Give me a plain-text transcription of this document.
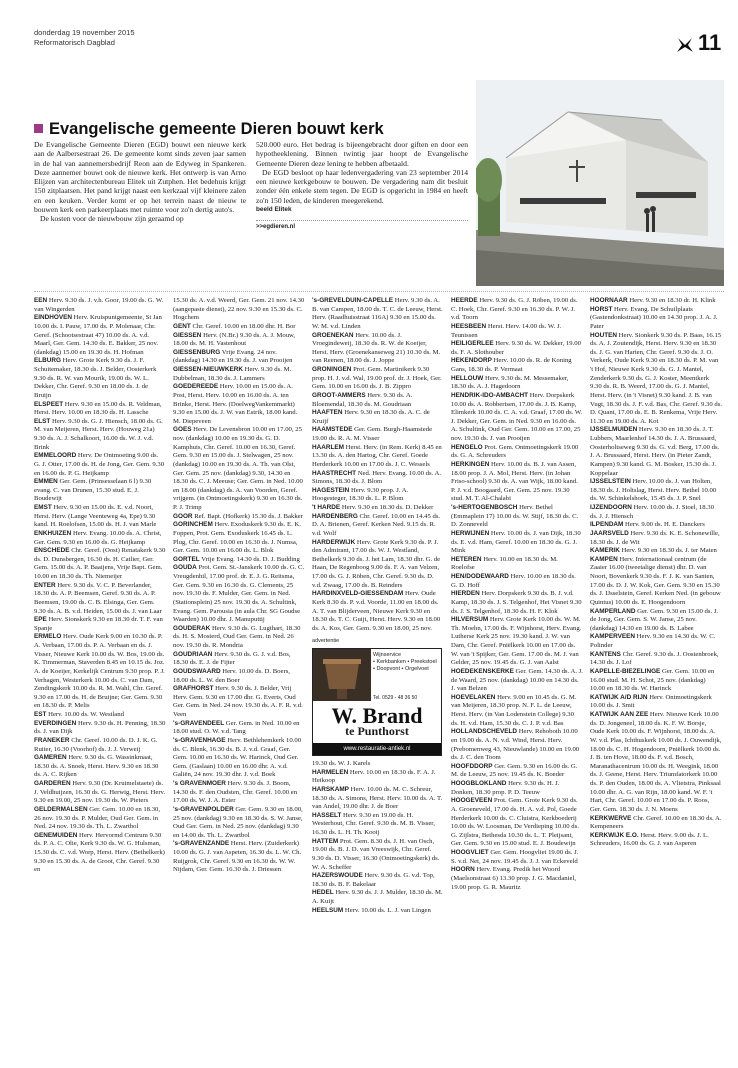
donderdag 19 november 2015
Reformatorisch Dagblad	11
Evangelische gemeente Dieren bouwt kerk

De Evangelische Gemeente Dieren (EGD) bouwt een nieuwe kerk aan de Aalbersestraat 26. De gemeente komt sinds zeven jaar samen in de hal van aannemersbedrijf Reon aan de Edyweg in Spankeren. Deze aannemer bouwt ook de nieuwe kerk. Het ontwerp is van Arno Elijzen van architectenbureau Elitek uit Zutphen. Het bedehuis krijgt 150 zitplaatsen. Het pand krijgt naast een kerkzaal vijf kleinere zalen en een keuken. Verder komt er op het terrein naast de nieuw te bouwen kerk een parkeerplaats met ruimte voor zo'n dertig auto's.

De kosten voor de nieuwbouw zijn geraamd op

520.000 euro. Het bedrag is bijeengebracht door giften en door een hypotheeklening. Binnen twintig jaar hoopt de Evangelische Gemeente Dieren deze lening te hebben afbetaald.

De EGD besloot op haar ledenvergadering van 23 september 2014 een nieuwe kerkgebouw te bouwen. De vergadering nam dit besluit zonder één enkele stem tegen. De EGD is opgericht in 1984 en heeft zo'n 150 leden, de kinderen meegerekend.

beeld Elitek

>>egdieren.nl

EEN Herv. 9.30 ds. J. v.h. Goor, 19.00 ds. G. W. van Wingerden

EINDHOVEN Herv. Kruispuntgemeente, St Jan 10.00 ds. I. Pauw, 17.00 ds. P. Molenaar, Chr. Geref. (Schootsestraat 47) 10.00 ds. A. v.d. Maarl, Ger. Gem. 14.30 ds. E. Bakker, 25 nov. (dankdag) 15.00 en 19.30 ds. H. Hofman

ELBURG Herv. Grote Kerk 9.30 ds. J. F. Schuitemaker, 18.30 ds. J. Belder, Oosterkerk 9.30 ds. R. W. van Mourik, 19.00 ds. W. L. Dekker, Chr. Geref. 9.30 en 18.00 ds. J. de Bruijn

ELSPEET Herv. 9.30 en 15.00 ds. R. Veldman, Herst. Herv. 10.00 en 18.30 ds. H. Lassche

ELST Herv. 9.30 ds. G. J. Hiensch, 18.00 ds. G. M. van Meijeren, Herst. Herv. (Houweg 21a) 9.30 ds. A. J. Schalkoort, 16.00 ds. W. J. v.d. Brink

EMMELOORD Herv. De Ontmoeting 9.00 ds. G. J. Otter, 17.00 ds. H. de Jong, Ger. Gem. 9.30 en 16.00 ds. P. G. Heijkamp

EMMEN Ger. Gem. (Prinsesselaan 6 l) 9.30 evang. C. van Drunen, 15.30 stud. E. J. Boudewijt

EMST Herv. 9.30 en 15.00 ds. E. v.d. Noort, Herst. Herv. (Lange Veenteweg 4a, Epe) 9.30 kand. H. Roelofsen, 15.00 ds. H. J. van Marle

ENKHUIZEN Herv. Evang. 10.00 ds. A. Christ, Ger. Gem. 9.30 en 16.00 ds. G. Heijkamp

ENSCHEDE Chr. Geref. (Oost) Renatakerk 9.30 ds. D. Dunsbergen, 16.30 ds. H. Catlier, Ger. Gem. 15.00 ds. A. P. Baaijens, Vrije Bapt. Gem. 10.00 en 18.30 ds. Th. Niemeijer

ENTER Herv. 9.30 ds. V. C. P. Beverlander, 18.30 ds. A. P. Beemsen, Geref. 9.30 ds. A. P. Beemsen, 19.00 ds. C. B. Elsinga, Ger. Gem. 9.30 ds. A. B. v.d. Heiden, 15.00 ds. J. van Laar

EPE Herv. Sionskerk 9.30 en 18.30 dr. T. F. van Spanje

ERMELO Herv. Oude Kerk 9.00 en 10.30 ds. P. A. Verbaan, 17.00 ds. P. A. Verbaan en ds. J. Visser, Nieuwe Kerk 10.00 ds. W. Bos, 19.00 ds. K. Timmerman, Staverden 8.45 en 10.15 ds. Joz. A. de Koeijer, Kerkelijk Centrum 9.30 prop. P. J. Verhagen, Westerkerk 10.00 ds. C. van Dam, Zendingskerk 10.00 ds. R. M. Wahl, Chr. Geref. 9.30 en 17.00 ds. H. de Bruijne; Ger. Gem. 9.30 en 18.30 ds. P. Melis

EST Herv. 10.00 ds. W. Westland

EVERDINGEN Herv. 9.30 ds. H. Penning, 18.30 ds. J. van Dijk

FRANEKER Chr. Geref. 10.00 ds. D. J. K. G. Ruiter, 16.30 (Voorhof) ds. J. J. Verweij

GAMEREN Herv. 9.30 ds. G. Wassinkmaat, 18.30 ds. A. Snoek, Herst. Herv. 9.30 en 18.30 ds. A. C. Rijken

GARDEREN Herv. 9.30 (Dr. Kruimelstaete) ds. J. Veldhuijzen, 16.30 ds. G. Herwig, Herst. Herv. 9.30 en 19.00, 25 nov. 19.30 ds. W. Pieters

GELDERMALSEN Ger. Gem. 10.00 en 18.30, 26 nov. 19.30 ds. P. Mulder, Oud Ger. Gem. in Ned. 24 nov. 19.30 ds. Th. L. Zwartbol

GENEMUIDEN Herv. Hervormd Centrum 9.30 ds. P. A. C. Olie, Kerk 9.30 ds. W. G. Hulsman, 15.30 ds. C. v.d. Worp, Herst. Herv. (Bethelkerk) 9.30 en 15.30 ds. A. de Groot, Chr. Geref. 9.30 en

15.30 ds. A. v.d. Weerd, Ger. Gem. 21 nov. 14.30 (aangepaste dienst), 22 nov. 9.30 en 15.30 ds. C. Hogchem

GENT Chr. Geref. 10.00 en 18.00 dhr. H. Bor

GIESSEN Herv. (N.Br.) 9.30 ds. A. J. Mouw, 18.00 ds. M. H. Vastenhout

GIESSENBURG Vrije Evang. 24 nov. (dankdag) 14.30 en 19.30 ds. J. van Prooijen

GIESSEN-NIEUWKERK Herv. 9.30 ds. M. Dubbelman, 18.30 ds. J. Lammers

GOEDEREEDE Herv. 10.00 en 15.00 ds. A. Post, Herst. Herv. 10.00 en 16.00 ds. A. ten Brinke, Herst. Herv. (DoelwegVankemmarkt) 9.30 en 15.00 ds. J. W. van Estrik, 18.00 kand. M. Diepeveen

GOES Herv. De Levensbron 10.00 en 17.00, 25 nov. (dankdag) 10.00 en 19.30 ds. G. D. Kamphuis, Chr. Geref. 10.00 en 16.30, Geref. Gem. 9.30 en 15.00 ds. J. Stelwagen, 25 nov. (dankdag) 10.00 en 19.30 ds. A. Th. van Olst, Ger. Gem. 25 nov. (dankdag) 9.30, 14.30 en 18.30 ds. C. J. Meeuse; Ger. Gem. in Ned. 10.00 en 18.00 (dankdag) ds. A. van Voorden, Geref. vrijgem. (in Ontmoetingskerk) 9.30 en 16.30 ds. P. J. Trimp

GOOR Ref. Bapt. (Hofkerk) 15.30 ds. J. Bakker

GORINCHEM Herv. Exoduskerk 9.30 ds. E. K. Foppen, Prot. Gem. Exoduskerk 16.45 ds. L. Plug, Chr. Geref. 10.00 en 16.30 ds. J. Numsa, Ger. Gem. 10.00 en 16.00 ds. L. Blok

GORTEL Vrije Evang. 14.30 ds. D. J. Budding

GOUDA Prot. Gem. St.-Janskerk 10.00 ds. G. C. Vreugdenhil, 17.00 prof. dr. E. J. G. Reitsma, Ger. Gem. 9.30 en 16.30 ds. G. Clements, 25 nov. 19.30 ds. F. Mulder, Ger. Gem. in Ned. (Stationsplein) 25 nov. 19.30 ds. A. Schultink, Evang. Gem. Parousia (in aula Chr. SG Goudse Waarden) 10.00 dhr. J. Manuputtij

GOUDERAK Herv. 9.30 ds. G. Lugthart, 18.30 ds. H. S. Mosterd, Oud Ger. Gem. in Ned. 26 nov. 19.30 ds. R. Mondria

GOUDRIAAN Herv. 9.30 ds. G. J. v.d. Bos, 18.30 ds. E. J. de Fijter

GOUDSWAARD Herv. 10.00 ds. D. Boers, 18.00 ds. L. W. den Boer

GRAFHORST Herv. 9.30 ds. J. Belder, Vrij Herv. Gem. 9.30 en 17.00 dhr. G. Everts, Oud Ger. Gem. in Ned. 24 nov. 19.30 ds. A. F. R. v.d. Veen

's-GRAVENDEEL Ger. Gem. in Ned. 10.00 en 18.00 stud. O. W. v.d. Tang

's-GRAVENHAGE Herv. Bethlehemkerk 10.00 ds. C. Blenk, 16.30 ds. B. J. v.d. Graaf, Ger. Gem. 10.00 en 16.30 ds. W. Harinck, Oud Ger. Gem. (Gaslaan) 10.00 en 16.00 dhr. A. v.d. Galiën, 24 nov. 19.30 dhr. J. v.d. Boek

's GRAVENMOER Herv. 9.30 ds. J. Boom, 14.30 ds. F. den Oudsten, Chr. Geref. 10.00 en 17.00 ds. W. J. A. Ester

's-GRAVENPOLDER Ger. Gem. 9.30 en 18.00, 25 nov. (dankdag) 9.30 en 18.30 ds. S. W. Janse, Oud Ger. Gem. in Ned. 25 nov. (dankdag) 9.30 en 14.00 ds. Th. L. Zwartbol

's-GRAVENZANDE Herst. Herv. (Zuiderkerk) 10.00 ds. G. J. van Aspeten, 16.30 ds. L. W. Ch. Ruijgrok, Chr. Geref. 9.30 en 16.30 ds. W. W. Nijdam, Ger. Gem. 16.30 ds. J. Driessen

's-GREVELDUIN-CAPELLE Herv. 9.30 ds. A. B. van Campen, 18.00 ds. T. C. de Leeuw, Herst. Herv. (Raadhuisstraat 116A) 9.30 en 15.00 ds. W. M. v.d. Linden

GROENEKAN Herv. 10.00 ds. J. Vroegindeweij, 18.30 ds. R. W. de Koeijer, Herst. Herv. (Groenekanseweg 21) 10.30 ds. M. van Reenen, 18.00 ds. J. Joppe

GRONINGEN Prot. Gem. Martinikerk 9.30 prop. H. J. v.d. Wal, 19.00 prof. dr. J. Hoek, Ger. Gem. 10.00 en 16.00 ds. J. B. Zippro

GROOT-AMMERS Herv. 9.30 ds. A. Bloemendal, 18.30 ds. M. Goudriaan

HAAFTEN Herv. 9.30 en 18.30 ds. A. C. de Kruijf

HAAMSTEDE Ger. Gem. Burgh-Haamstede 19.00 ds. R. A. M. Visser

HAARLEM Herst. Herv. (in Rem. Kerk) 8.45 en 13.30 ds. A. den Hartog, Chr. Geref. Goede Herderkerk 10.00 en 17.00 ds. J. C. Wessels

HAASTRECHT Ned. Herv. Evang. 10.00 ds. A. Simons, 18.30 ds. J. Blom

HAGESTEIN Herv. 9.30 prop. J. A. Hoogesteger, 18.30 ds. L. P. Blom

't HARDE Herv. 9.30 en 18.30 ds. D. Dekker

HARDENBERG Chr. Geref. 10.00 en 14.45 ds. D. A. Brienen, Geref. Kerken Ned. 9.15 ds. R. v.d. Wolf

HARDERWIJK Herv. Grote Kerk 9.30 ds. P. J. den Admirant, 17.00 ds. W. J. Westland, Bethelkerk 9.30 ds. J. het Lam, 18.30 dhr. G. de Haan, De Regenboog 9.00 ds. F. A. van Velzen, 17.00 ds. G. J. Röben, Chr. Geref. 9.30 ds. D. v.d. Zwaag, 17.00 ds. B. Reinders

HARDINXVELD-GIESSENDAM Herv. Oude Kerk 8.30 ds. P. v.d. Voorde, 11.00 en 18.00 ds. A. T. van Blijderveen, Nieuwe Kerk 9.30 en 18.30 ds. T. C. Guijt, Herst. Herv. 9.30 en 18.00 ds. A. Kos, Ger. Gem. 9.30 en 18.00, 25 nov.

advertentie
Wijnservice
• Kerkbanken • Preekstoel
• Doopvont • Orgelvoet
Tel. 0529 - 48 36 50
W. Brand
te Punthorst
www.restauratie-antiek.nl

19.30 ds. W. J. Karels

HARMELEN Herv. 10.00 en 18.30 ds. F. A. J. Heikoop

HARSKAMP Herv. 10.00 ds. M. C. Schreur, 18.30 ds. A. Simons, Herst. Herv. 10.00 ds. A. T. van Andel, 19.00 dhr. J. de Boer

HASSELT Herv. 9.30 en 19.00 ds. H. Westerhout, Chr. Geref. 9.30 ds. M. B. Visser, 16.30 ds. L. H. Th. Kooij

HATTEM Prot. Gem. 8.30 ds. J. H. van Osch, 19.00 ds. B. J. D. van Vreeswijk, Chr. Geref. 9.30 ds. D. Visser, 16.30 (Ontmoetingskerk) ds. W. A. Scheffer

HAZERSWOUDE Herv. 9.30 ds. G. v.d. Top, 18.30 ds. B. F. Bakelaar

HEDEL Herv. 9.30 ds. J. J. Mulder, 18.30 ds. M. A. Kuijt

HEELSUM Herv. 10.00 ds. L. J. van Lingen

HEERDE Herv. 9.30 ds. G. J. Röben, 19.00 ds. C. Hoek, Chr. Geref. 9.30 en 16.30 ds. P. W. J. v.d. Toorn

HEESBEEN Herst. Herv. 14.00 ds. W. J. Teunissen

HEILIGERLEE Herv. 9.30 ds. W. Dekker, 19.00 ds. F. A. Slothouber

HEKENDORP Herv. 10.00 ds. R. de Koning Gans, 18.30 ds. P. Vermaat

HELLOUW Herv. 9.30 ds. M. Messemaker, 18.30 ds. A. J. Hagedoorn

HENDRIK-IDO-AMBACHT Herv. Dorpskerk 10.00 ds. A. Robbertsen, 17.00 ds. J. B. Kamp, Elimkerk 10.00 ds. C. A. v.d. Graaf, 17.00 ds. W. J. Dekker, Ger. Gem. in Ned. 9.30 en 16.00 ds. A. Schultink, Oud Ger. Gem. 10.00 en 17.00, 25 nov. 19.30 ds. J. van Prooijen

HENGELO Prot. Gem. Ontmoetingskerk 19.00 ds. G. A. Schreuders

HERKINGEN Herv. 10.00 ds. B. J. van Assen, 18.00 prop. J. A. Mol, Herst. Herv. (in Johan Friso-school) 9.30 ds. A. van Wijk, 18.00 kand. P. J. v.d. Boogaard, Ger. Gem. 25 nov. 19.30 stud. M. T. Al-Chalabi

's-HERTOGENBOSCH Herv. Bethel (Emmaplein 17) 10.00 ds. W. Stijf, 18.30 ds. C. D. Zonneveld

HERWIJNEN Herv. 10.00 ds. J. van Dijk, 18.30 ds. E. v.d. Ham, Geref. 10.00 en 18.30 ds. G. J. Mink

HETEREN Herv. 10.00 en 18.30 ds. M. Roelofse

HEN/DODEWAARD Herv. 10.00 en 18.30 ds. G. D. Hoff

HIERDEN Herv. Dorpskerk 9.30 ds. B. J. v.d. Kamp, 18.30 ds. J. S. Telgenhof, Het Visnet 9.30 ds. J. S. Telgenhof, 18.30 ds. H. F. Klok

HILVERSUM Herv. Grote Kerk 10.00 ds. W. M. Th. Moehn, 17.00 ds. F. Wijnhorst, Herv. Evang. Lutherse Kerk 25 nov. 19.30 kand. J. W. van Dam, Chr. Geref. Pniëlkerk 10.00 en 17.00 ds. W. van 't Spijker, Ger. Gem. 17.00 ds. M. J. van Gelder, 25 nov. 19.45 ds. G. J. van Aalst

HOEDEKENSKERKE Ger. Gem. 14.30 ds. A. J. de Waard, 25 nov. (dankdag) 10.00 en 14.30 ds. J. van Belzen

HOEVELAKEN Herv. 9.00 en 10.45 ds. G. M. van Meijeren, 18.30 prop. N. F. L. de Leeuw, Herst. Herv. (in Van Lodenstein College) 9.30 ds. H. v.d. Ham, 15.30 ds. C. J. P. v.d. Bas

HOLLANDSCHEVELD Herv. Rehoboth 10.00 en 19.00 ds. A. N. v.d. Wind, Herst. Herv. (Prebomenweg 43, Nieuwlande) 10.00 en 19.00 ds. J. C. den Toom

HOOFDDORP Ger. Gem. 9.30 en 16.00 ds. G. M. de Leeuw, 25 nov. 19.45 ds. K. Boeder

HOOGBLOKLAND Herv. 9.30 ds. H. J. Donken, 18.30 prop. P. D. Teeuw

HOOGEVEEN Prot. Gem. Grote Kerk 9.30 ds. A. Groeneveld, 17.00 ds. H. A. v.d. Pol, Goede Herderkerk 10.00 ds. C. Cluistra, Kerkboederij 10.00 ds. W. Loosman, De Verdieping 10.00 ds. G. Zijlstra, Bethesda 10.30 ds. L. T. Pleijsant, Ger. Gem. 9.30 en 15.00 stud. E. J. Boudewijn

HOOGVLIET Ger. Gem. Hoogvliet 19.00 ds. J. S. v.d. Net, 24 nov. 19.45 ds. J. J. van Eckeveld

HOORN Herv. Evang. Predik het Woord (Maelsonstraat 6) 13.30 prop. J. G. Macdaniel, 19.00 prop. G. R. Mauritz

HOORNAAR Herv. 9.30 en 18.30 dr. H. Klink

HORST Herv. Evang. De Schuilplaats (Gastendonkstraat) 10.00 en 14.30 prop. J. A. J. Pater

HOUTEN Herv. Sionkerk 9.30 ds. P. Baas, 16.15 ds. A. J. Zoutendijk, Herst. Herv. 9.30 en 18.30 ds. J. G. van Harten, Chr. Geref. 9.30 ds. J. O. Verkerk, Oude Kerk 9.30 en 18.30 ds. P. M. van 't Hof, Nieuwe Kerk 9.30 ds. G. J. Mantel, Zenderkerk 9.30 ds. G. J. Koster, Meentkerk 9.30 ds. R. B. Weerd, 17.00 ds. G. J. Mantel, Herst. Herv. (in 't Visnet) 9.30 kand. J. B. van Vugt, 18.30 ds. J. F. v.d. Bas, Chr. Geref. 9.30 ds. D. Quant, 17.00 ds. E. B. Renkema, Vrije Herv. 11.30 en 19.00 ds. A. Kot

IJSSELMUIDEN Herv. 9.30 en 18.30 ds. J. T. Lubbers, Maarlenhof 14.30 ds. J. A. Brussaard, Oosterholtseweg 9.30 ds. G. v.d. Berg, 17.00 ds. J. A. Brussaard, Herst. Herv. (in Pieter Zandt, Kampen) 9.30 kand. G. M. Bosker, 15.30 ds. J. Koppelaar

IJSSELSTEIN Herv. 10.00 ds. J. van Holten, 18.30 ds. J. Holtslag, Herst. Herv. Bethel 10.00 ds. W. Schinkelshoek, 15.45 ds. J. P. Snel

IJZENDOORN Herv. 10.00 ds. J. Stoel, 18.30 ds. J. J. Hiensch

ILPENDAM Herv. 9.00 ds. H. E. Danckers

JAARSVELD Herv. 9.30 ds. K. E. Schonewille, 18.30 ds. J. de Wit

KAMERIK Herv. 9.30 en 18.30 ds. J. ter Maten

KAMPEN Herv. Internationaal centrum (de Zaaier 16.00 (tweetalige dienst) dhr. D. van Noort, Bovenkerk 9.30 ds. F. J. K. van Santen, 17.00 ds. D. J. W. Kok, Ger. Gem. 9.30 en 15.30 ds. J. IJsselstein, Geref. Kerken Ned. (in gebouw Quintus) 10.00 ds. E. Hoogendoorn

KAMPERLAND Ger. Gem. 9.30 en 15.00 ds. J. de Jong, Ger. Gem. S. W. Janse, 25 nov. (dankdag) 14.30 en 19.00 ds. B. Labee

KAMPERVEEN Herv. 9.30 en 14.30 ds. W. C. Polinder

KANTENS Chr. Geref. 9.30 ds. J. Oostenbroek, 14.30 ds. J. Lof

KAPELLE-BIEZELINGE Ger. Gem. 10.00 en 16.00 stud. M. H. Schot, 25 nov. (dankdag) 10.00 en 18.30 ds. W. Harinck

KATWIJK A/D RIJN Herv. Ontmoetingskerk 10.00 ds. J. Smit

KATWIJK AAN ZEE Herv. Nieuwe Kerk 10.00 ds. D. Jongeneel, 18.00 ds. K. F. W. Borsje, Oude Kerk 10.00 ds. F. Wijnhorst, 18.00 ds. A. W. v.d. Plas, Ichthuskerk 10.00 ds. J. Ouwendijk, 18.00 ds. C. H. Hogendoorn, Pniëlkerk 10.00 ds. J. B. ten Hove, 18.00 ds. F. v.d. Bosch, Maranathacentrum 10.00 ds. H. Weegink, 18.00 ds. J. Geene, Herst. Herv. Triumfatorkerk 10.00 ds. P. den Ouden, 18.00 ds. A. Vlietstra, Pinksaal 10.00 dhr. A. G. van Rijn, 18.00 kand. W. F. 't Hart, Chr. Geref. 10.00 en 17.00 ds. P. Roos, Ger. Gem. 18.30 ds. J. N. Moens

KERKWERVE Chr. Geref. 10.00 en 18.30 ds. A. Kempeneers

KERKWIJK E.O. Herst. Herv. 9.00 ds. J. L. Schreuders, 16.00 ds. G. J. van Asperen
